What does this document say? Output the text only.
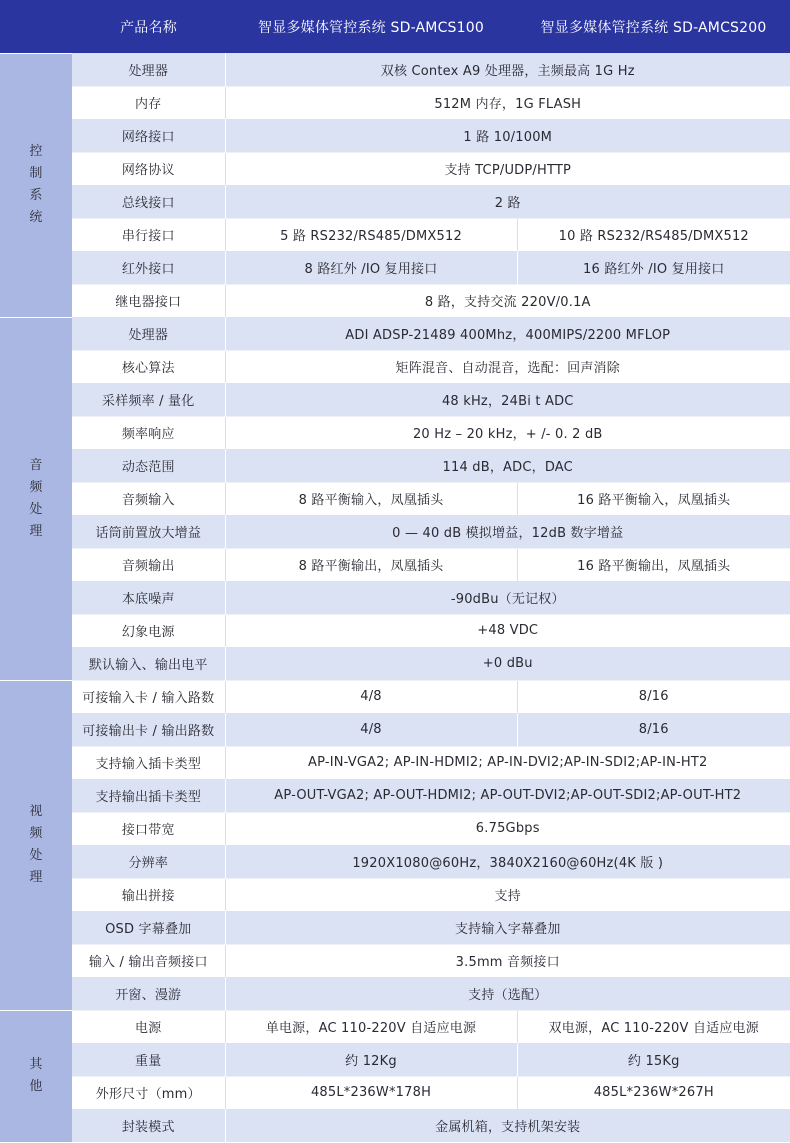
	产品名称	智显多媒体管控系统 SD-AMCS100	智显多媒体管控系统 SD-AMCS200
控制系统	处理器	双核 Contex A9 处理器，主频最高 1G Hz	
	内存	512M 内存，1G FLASH	
	网络接口	1 路 10/100M	
	网络协议	支持 TCP/UDP/HTTP	
	总线接口	2 路	
	串行接口	5 路 RS232/RS485/DMX512	10 路 RS232/RS485/DMX512
	红外接口	8 路红外 /IO 复用接口	16 路红外 /IO 复用接口
	继电器接口	8 路，支持交流 220V/0.1A	
音频处理	处理器	ADI ADSP-21489 400Mhz，400MIPS/2200 MFLOP	
	核心算法	矩阵混音、自动混音，选配：回声消除	
	采样频率 / 量化	48 kHz，24Bi t ADC	
	频率响应	20 Hz – 20 kHz，+ /- 0. 2 dB	
	动态范围	114 dB，ADC，DAC	
	音频输入	8 路平衡输入，凤凰插头	16 路平衡输入，凤凰插头
	话筒前置放大增益	0 — 40 dB 模拟增益，12dB 数字增益	
	音频输出	8 路平衡输出，凤凰插头	16 路平衡输出，凤凰插头
	本底噪声	-90dBu（无记权）	
	幻象电源	+48 VDC	
	默认输入、输出电平	+0 dBu	
视频处理	可接输入卡 / 输入路数	4/8	8/16
	可接输出卡 / 输出路数	4/8	8/16
	支持输入插卡类型	AP-IN-VGA2; AP-IN-HDMI2; AP-IN-DVI2;AP-IN-SDI2;AP-IN-HT2	
	支持输出插卡类型	AP-OUT-VGA2; AP-OUT-HDMI2; AP-OUT-DVI2;AP-OUT-SDI2;AP-OUT-HT2	
	接口带宽	6.75Gbps	
	分辨率	1920X1080@60Hz，3840X2160@60Hz(4K 版 )	
	输出拼接	支持	
	OSD 字幕叠加	支持输入字幕叠加	
	输入 / 输出音频接口	3.5mm 音频接口	
	开窗、漫游	支持（选配）	
其他	电源	单电源，AC 110-220V 自适应电源	双电源，AC 110-220V 自适应电源
	重量	约 12Kg	约 15Kg
	外形尺寸（mm）	485L*236W*178H	485L*236W*267H
	封装模式	金属机箱，支持机架安装	
